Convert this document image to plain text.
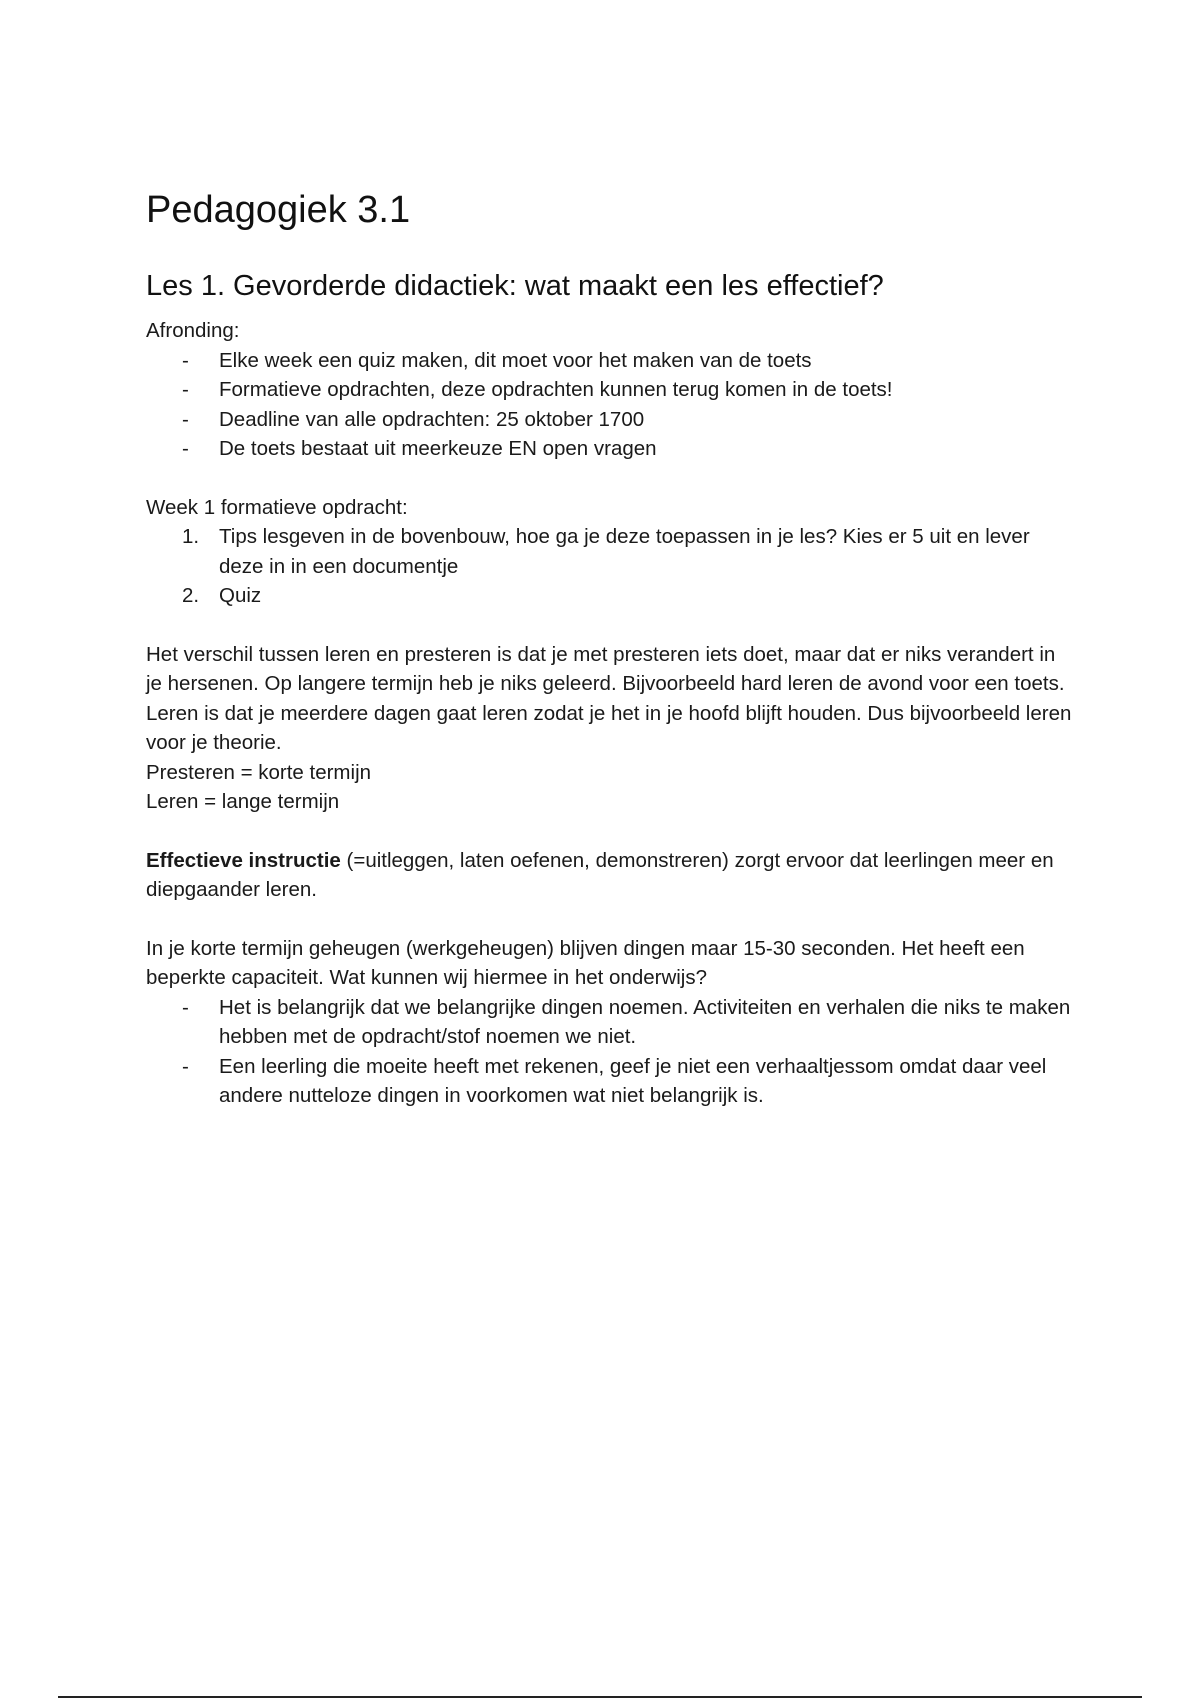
Pedagogiek 3.1
Les 1. Gevorderde didactiek: wat maakt een les effectief?

Afronding:

- Elke week een quiz maken, dit moet voor het maken van de toets
- Formatieve opdrachten, deze opdrachten kunnen terug komen in de toets!
- Deadline van alle opdrachten: 25 oktober 1700
- De toets bestaat uit meerkeuze EN open vragen

Week 1 formatieve opdracht:

1. Tips lesgeven in de bovenbouw, hoe ga je deze toepassen in je les? Kies er 5 uit en lever deze in in een documentje
2. Quiz

Het verschil tussen leren en presteren is dat je met presteren iets doet, maar dat er niks verandert in je hersenen. Op langere termijn heb je niks geleerd. Bijvoorbeeld hard leren de avond voor een toets. Leren is dat je meerdere dagen gaat leren zodat je het in je hoofd blijft houden. Dus bijvoorbeeld leren voor je theorie.

Presteren = korte termijn

Leren = lange termijn

Effectieve instructie (=uitleggen, laten oefenen, demonstreren) zorgt ervoor dat leerlingen meer en diepgaander leren.

In je korte termijn geheugen (werkgeheugen) blijven dingen maar 15-30 seconden. Het heeft een beperkte capaciteit. Wat kunnen wij hiermee in het onderwijs?

- Het is belangrijk dat we belangrijke dingen noemen. Activiteiten en verhalen die niks te maken hebben met de opdracht/stof noemen we niet.
- Een leerling die moeite heeft met rekenen, geef je niet een verhaaltjessom omdat daar veel andere nutteloze dingen in voorkomen wat niet belangrijk is.
